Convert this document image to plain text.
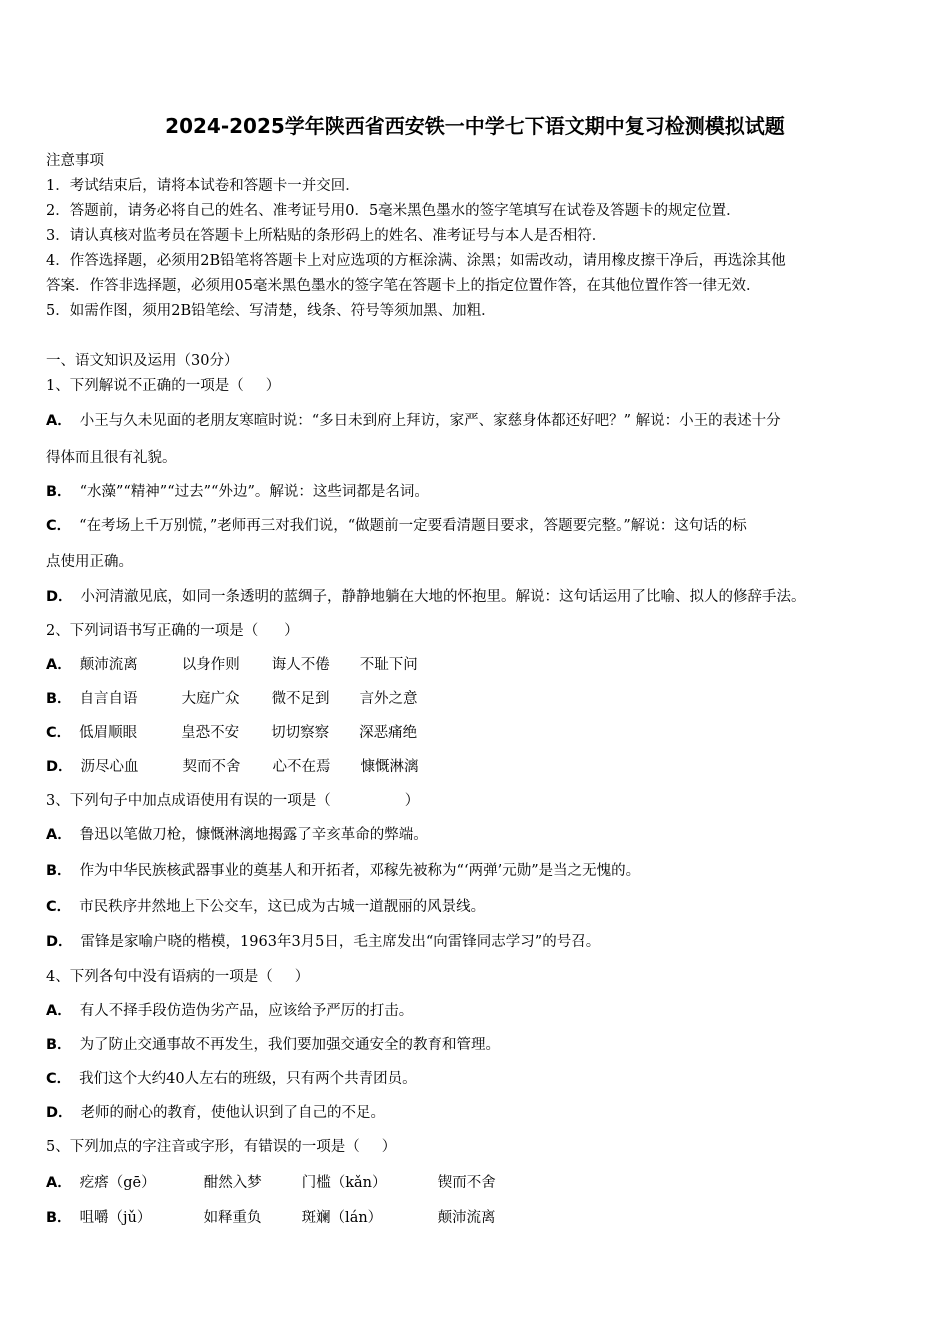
2024-2025学年陕西省西安铁一中学七下语文期中复习检测模拟试题
注意事项
1．考试结束后，请将本试卷和答题卡一并交回．
2．答题前，请务必将自己的姓名、准考证号用0．5毫米黑色墨水的签字笔填写在试卷及答题卡的规定位置．
3．请认真核对监考员在答题卡上所粘贴的条形码上的姓名、准考证号与本人是否相符．
4．作答选择题，必须用2B铅笔将答题卡上对应选项的方框涂满、涂黑；如需改动，请用橡皮擦干净后，再选涂其他
答案．作答非选择题，必须用05毫米黑色墨水的签字笔在答题卡上的指定位置作答，在其他位置作答一律无效．
5．如需作图，须用2B铅笔绘、写清楚，线条、符号等须加黑、加粗．
一、语文知识及运用（30分）
1、下列解说不正确的一项是（ ）
A． 小王与久未见面的老朋友寒暄时说：“多日未到府上拜访，家严、家慈身体都还好吧？” 解说：小王的表述十分
得体而且很有礼貌。
B． “水藻”“精神”“过去”“外边”。解说：这些词都是名词。
C． “在考场上千万别慌，”老师再三对我们说，“做题前一定要看清题目要求，答题要完整。”解说：这句话的标
点使用正确。
D． 小河清澈见底，如同一条透明的蓝绸子，静静地躺在大地的怀抱里。解说：这句话运用了比喻、拟人的修辞手法。
2、下列词语书写正确的一项是（ ）
A． 颠沛流离	以身作则 诲人不倦 不耻下问
B． 自言自语	大庭广众 微不足到 言外之意
C． 低眉顺眼	皇恐不安 切切察察 深恶痛绝
D． 沥尽心血	契而不舍 心不在焉 慷慨淋漓
3、下列句子中加点成语使用有误的一项是（	）
A． 鲁迅以笔做刀枪，慷慨淋漓地揭露了辛亥革命的弊端。
B． 作为中华民族核武器事业的奠基人和开拓者，邓稼先被称为“‘两弹’元勋”是当之无愧的。
C． 市民秩序井然地上下公交车，这已成为古城一道靓丽的风景线。
D． 雷锋是家喻户晓的楷模，1963年3月5日，毛主席发出“向雷锋同志学习”的号召。
4、下列各句中没有语病的一项是（ ）
A． 有人不择手段仿造伪劣产品，应该给予严厉的打击。
B． 为了防止交通事故不再发生，我们要加强交通安全的教育和管理。
C． 我们这个大约40人左右的班级，只有两个共青团员。
D． 老师的耐心的教育，使他认识到了自己的不足。
5、下列加点的字注音或字形，有错误的一项是（ ）
A． 疙瘩（gē）	酣然入梦	门槛（kǎn）	锲而不舍
B． 咀嚼（jǔ）	如释重负	斑斓（lán）	颠沛流离
